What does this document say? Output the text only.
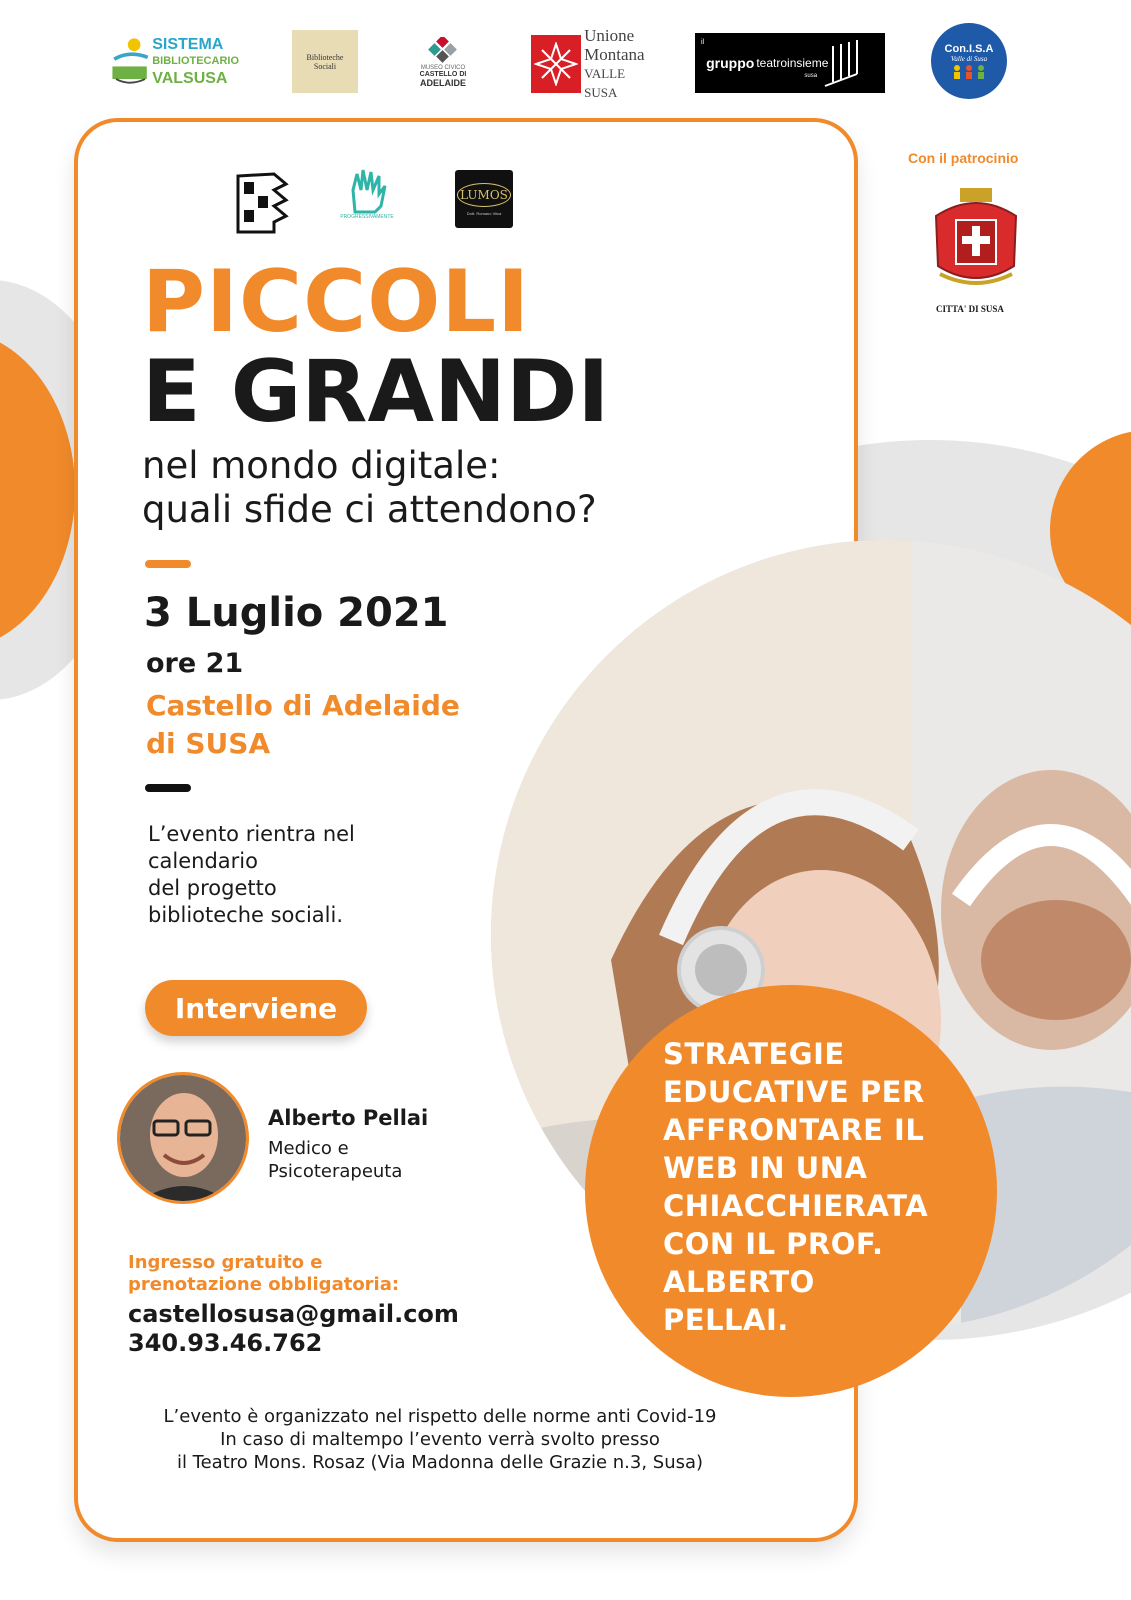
SISTEMA
BIBLIOTECARIO
VALSUSA
Biblioteche Sociali	MUSEO CIVICO
CASTELLO DI
ADELAIDE
Unione
Montana
VALLE SUSA
il
gruppo teatroinsieme
susa
Con.I.S.A
Valle di Susa
Con il patrocinio
CITTA' DI SUSA
PROGRESSIVAMENTE
LUMOS
Dott. Romano Vilca
PICCOLI
E GRANDI
nel mondo digitale:
quali sfide ci attendono?
3 Luglio 2021
ore 21
Castello di Adelaide
di SUSA
L’evento rientra nel
calendario
del progetto
biblioteche sociali.
Interviene
Alberto Pellai
Medico e
Psicoterapeuta
Ingresso gratuito e
prenotazione obbligatoria:
castellosusa@gmail.com
340.93.46.762
L’evento è organizzato nel rispetto delle norme anti Covid-19
In caso di maltempo l’evento verrà svolto presso
il Teatro Mons. Rosaz (Via Madonna delle Grazie n.3, Susa)
STRATEGIE
EDUCATIVE PER
AFFRONTARE IL
WEB IN UNA
CHIACCHIERATA
CON IL PROF.
ALBERTO
PELLAI.
